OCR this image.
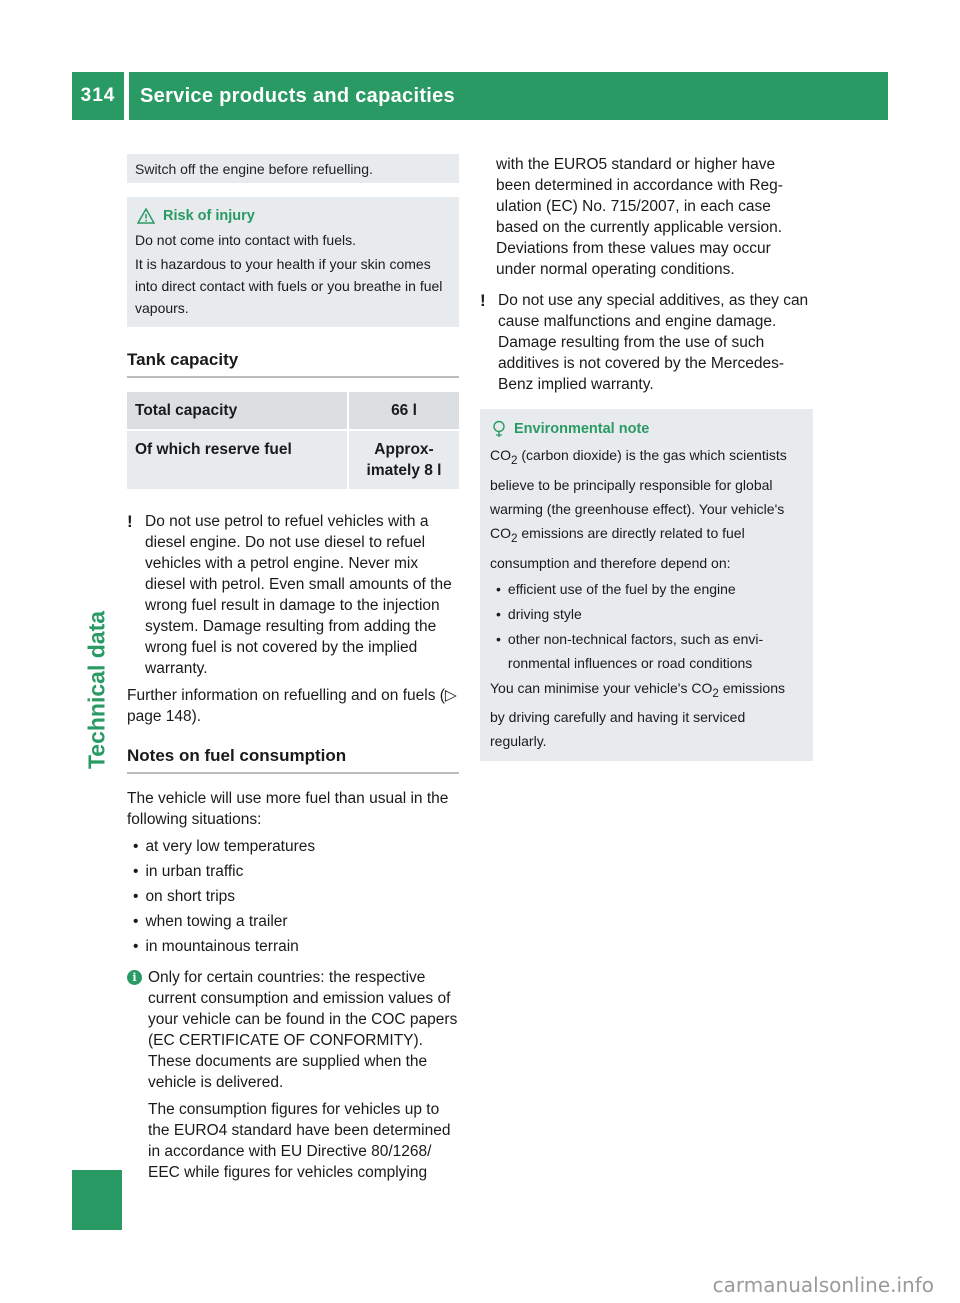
314	Service products and capacities
Technical data
Switch off the engine before refuelling.
Risk of injury

Do not come into contact with fuels.

It is hazardous to your health if your skin comes into direct contact with fuels or you breathe in fuel vapours.

Tank capacity
Total capacity	66 l
Of which reserve fuel	Approximately 8 l
! Do not use petrol to refuel vehicles with a diesel engine. Do not use diesel to refuel vehicles with a petrol engine. Never mix diesel with petrol. Even small amounts of the wrong fuel result in damage to the injection system. Damage resulting from adding the wrong fuel is not covered by the implied warranty.

Further information on refuelling and on fuels (▷ page 148).

Notes on fuel consumption

The vehicle will use more fuel than usual in the following situations:

• at very low temperatures
• in urban traffic
• on short trips
• when towing a trailer
• in mountainous terrain
i Only for certain countries: the respective current consumption and emission values of your vehicle can be found in the COC papers (EC CERTIFICATE OF CONFORMITY). These documents are supplied when the vehicle is delivered.

The consumption figures for vehicles up to the EURO4 standard have been determined in accordance with EU Directive 80/1268/ EEC while figures for vehicles complying

with the EURO5 standard or higher have been determined in accordance with Regulation (EC) No. 715/2007, in each case based on the currently applicable version. Deviations from these values may occur under normal operating conditions.

! Do not use any special additives, as they can cause malfunctions and engine damage. Damage resulting from the use of such additives is not covered by the Mercedes-Benz implied warranty.
Environmental note

$CO_2$ (carbon dioxide) is the gas which scientists believe to be principally responsible for global warming (the greenhouse effect). Your vehicle's $CO_2$ emissions are directly related to fuel consumption and therefore depend on:

• efficient use of the fuel by the engine
• driving style
• other non-technical factors, such as environmental influences or road conditions

You can minimise your vehicle's $CO_2$ emissions by driving carefully and having it serviced regularly.

carmanualsonline.info
